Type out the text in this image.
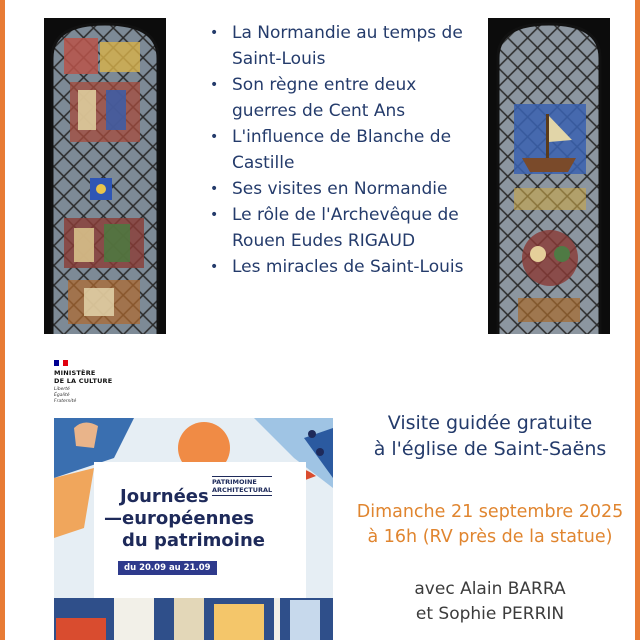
• La Normandie au temps de Saint-Louis
• Son règne entre deux guerres de Cent Ans
• L'influence de Blanche de Castille
• Ses visites en Normandie
• Le rôle de l'Archevêque de Rouen Eudes RIGAUD
• Les miracles de Saint-Louis
MINISTÈRE
DE LA CULTURE
Liberté
Égalité
Fraternité
PATRIMOINE
ARCHITECTURAL
Journées
—européennes
du patrimoine
du 20.09 au 21.09
Visite guidée gratuite
à l'église de Saint-Saëns
Dimanche 21 septembre 2025
à 16h (RV près de la statue)
avec Alain BARRA
et Sophie PERRIN
